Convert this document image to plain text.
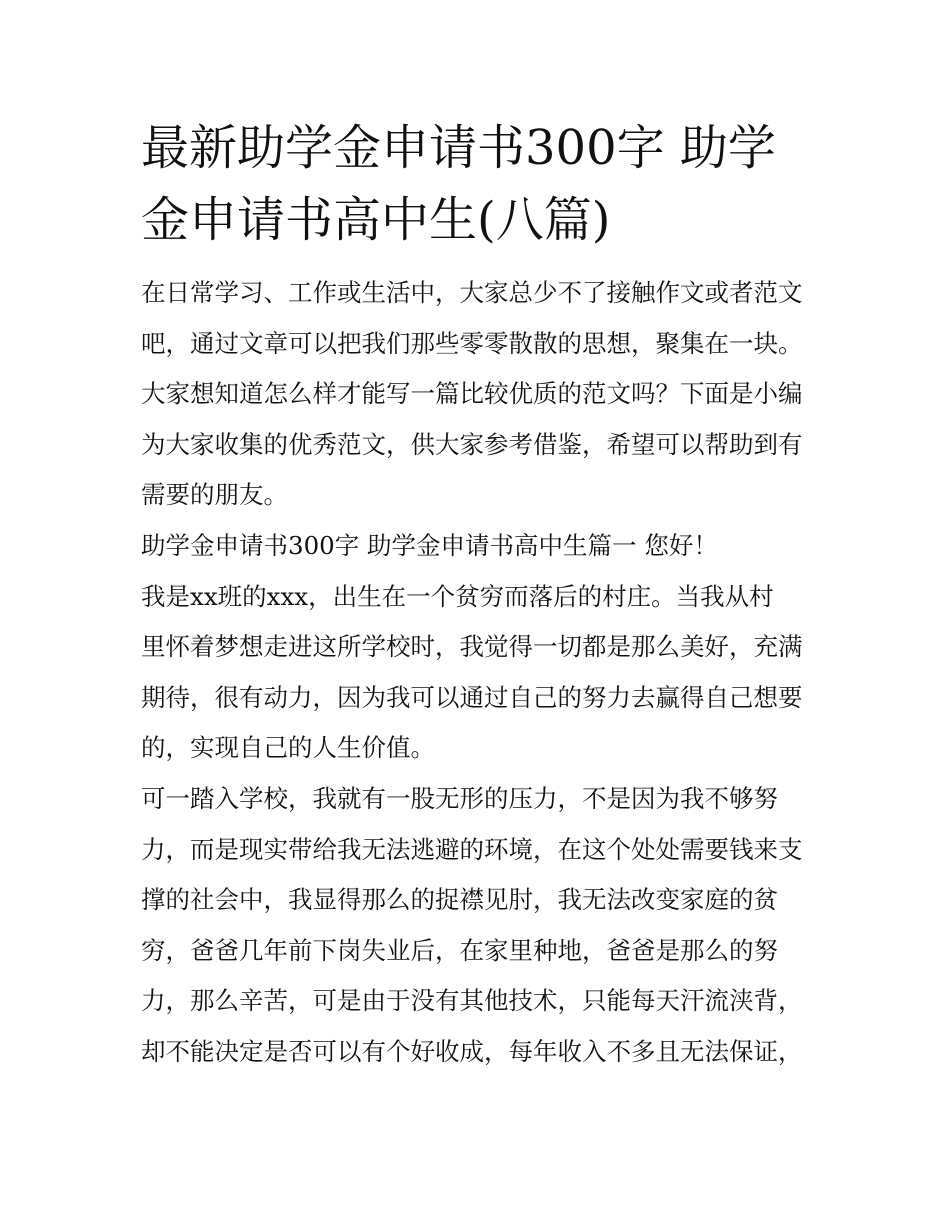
最新助学金申请书300字 助学
金申请书高中生(八篇)
在日常学习、工作或生活中，大家总少不了接触作文或者范文
吧，通过文章可以把我们那些零零散散的思想，聚集在一块。
大家想知道怎么样才能写一篇比较优质的范文吗？下面是小编
为大家收集的优秀范文，供大家参考借鉴，希望可以帮助到有
需要的朋友。
助学金申请书300字 助学金申请书高中生篇一 您好！
我是xx班的xxx，出生在一个贫穷而落后的村庄。当我从村
里怀着梦想走进这所学校时，我觉得一切都是那么美好，充满
期待，很有动力，因为我可以通过自己的努力去赢得自己想要
的，实现自己的人生价值。
可一踏入学校，我就有一股无形的压力，不是因为我不够努
力，而是现实带给我无法逃避的环境，在这个处处需要钱来支
撑的社会中，我显得那么的捉襟见肘，我无法改变家庭的贫
穷，爸爸几年前下岗失业后，在家里种地，爸爸是那么的努
力，那么辛苦，可是由于没有其他技术，只能每天汗流浃背，
却不能决定是否可以有个好收成，每年收入不多且无法保证，
